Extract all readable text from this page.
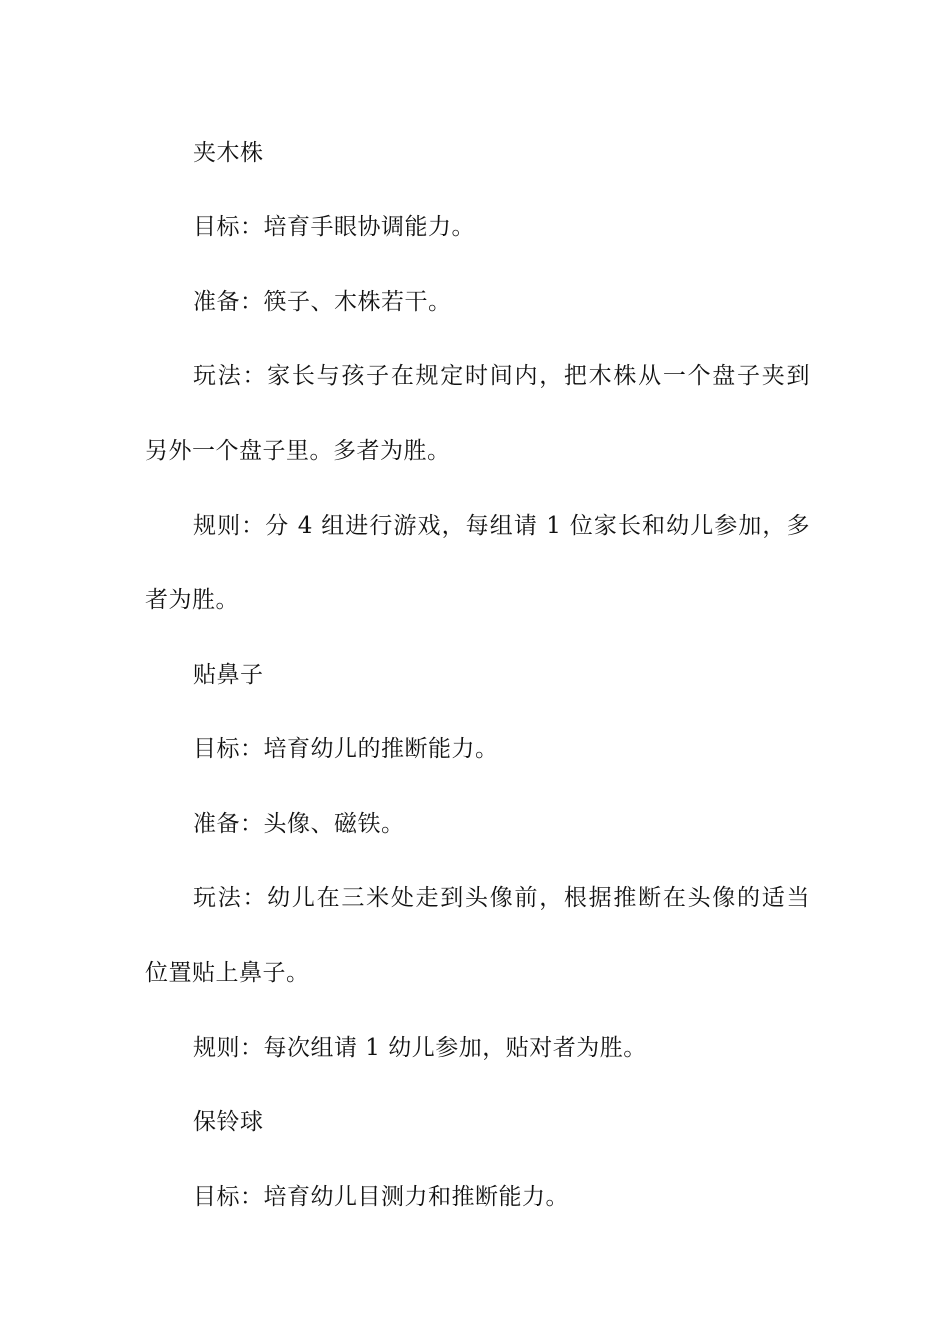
夹木株
目标：培育手眼协调能力。
准备：筷子、木株若干。
玩法：家长与孩子在规定时间内，把木株从一个盘子夹到
另外一个盘子里。多者为胜。
规则：分 4 组进行游戏，每组请 1 位家长和幼儿参加，多
者为胜。
贴鼻子
目标：培育幼儿的推断能力。
准备：头像、磁铁。
玩法：幼儿在三米处走到头像前，根据推断在头像的适当
位置贴上鼻子。
规则：每次组请 1 幼儿参加，贴对者为胜。
保铃球
目标：培育幼儿目测力和推断能力。
